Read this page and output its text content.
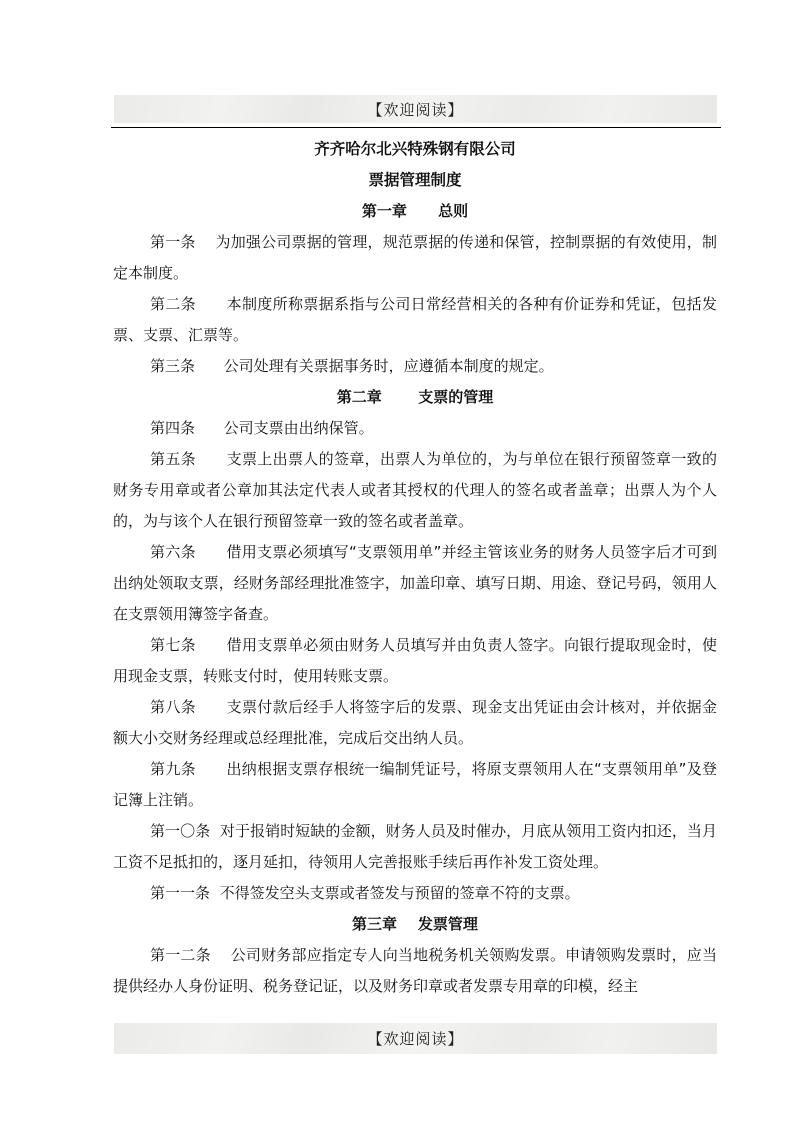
【欢迎阅读】

齐齐哈尔北兴特殊钢有限公司

票据管理制度

第一章      总则

第一条 为加强公司票据的管理，规范票据的传递和保管，控制票据的有效使用，制定本制度。

第二条 本制度所称票据系指与公司日常经营相关的各种有价证券和凭证，包括发票、支票、汇票等。

第三条 公司处理有关票据事务时，应遵循本制度的规定。

第二章       支票的管理

第四条 公司支票由出纳保管。

第五条 支票上出票人的签章，出票人为单位的，为与单位在银行预留签章一致的财务专用章或者公章加其法定代表人或者其授权的代理人的签名或者盖章；出票人为个人的，为与该个人在银行预留签章一致的签名或者盖章。

第六条 借用支票必须填写“支票领用单”并经主管该业务的财务人员签字后才可到出纳处领取支票，经财务部经理批准签字，加盖印章、填写日期、用途、登记号码，领用人在支票领用簿签字备查。

第七条 借用支票单必须由财务人员填写并由负责人签字。向银行提取现金时，使用现金支票，转账支付时，使用转账支票。

第八条 支票付款后经手人将签字后的发票、现金支出凭证由会计核对，并依据金额大小交财务经理或总经理批准，完成后交出纳人员。

第九条 出纳根据支票存根统一编制凭证号，将原支票领用人在“支票领用单”及登记簿上注销。

第一〇条 对于报销时短缺的金额，财务人员及时催办，月底从领用工资内扣还，当月工资不足抵扣的，逐月延扣，待领用人完善报账手续后再作补发工资处理。

第一一条 不得签发空头支票或者签发与预留的签章不符的支票。

第三章    发票管理

第一二条 公司财务部应指定专人向当地税务机关领购发票。申请领购发票时，应当提供经办人身份证明、税务登记证，以及财务印章或者发票专用章的印模，经主

【欢迎阅读】
